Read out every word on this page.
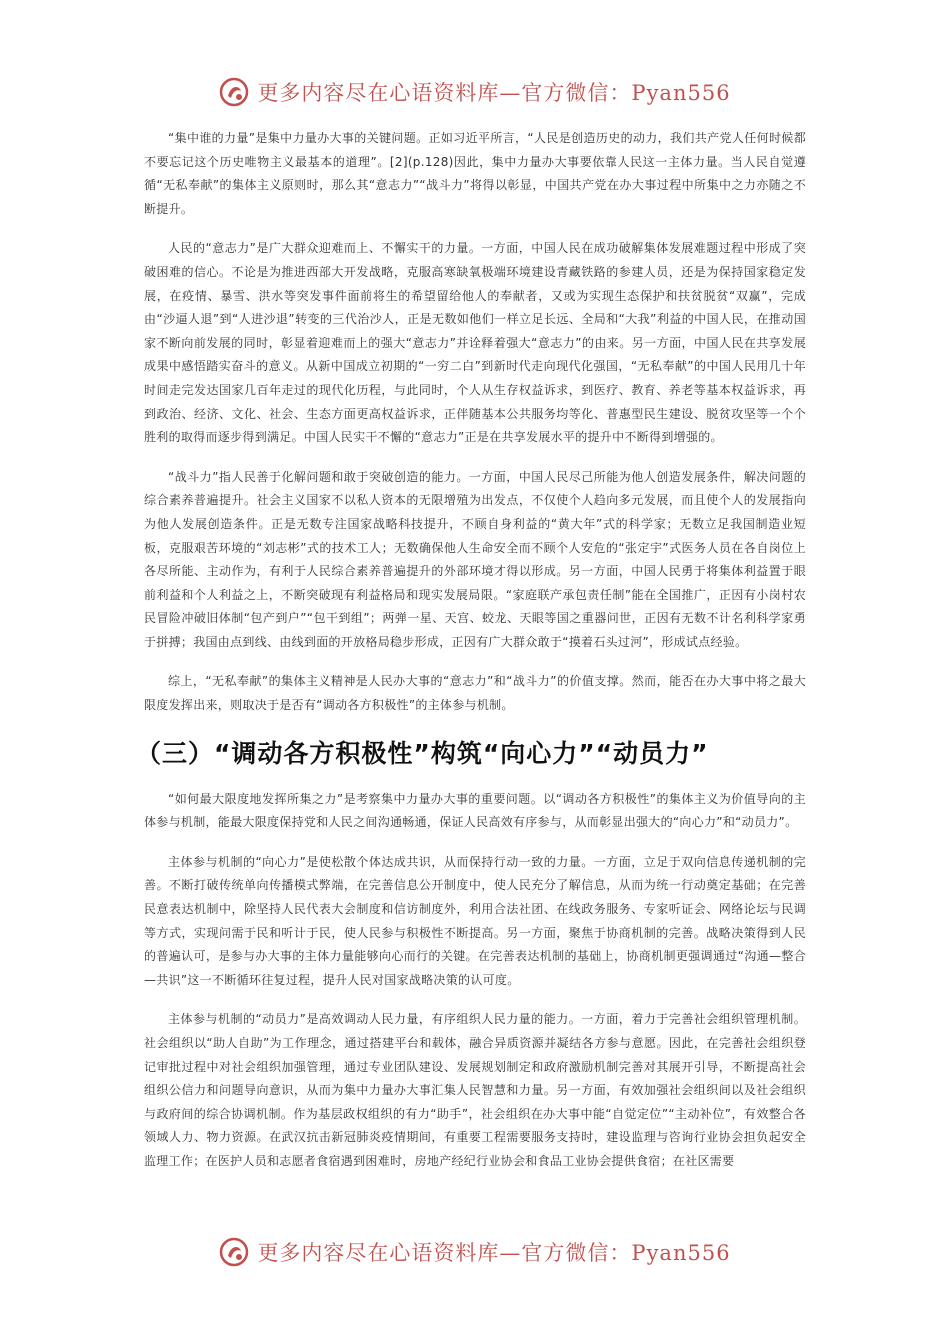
更多内容尽在心语资料库—官方微信：Pyan556

“集中谁的力量”是集中力量办大事的关键问题。正如习近平所言，“人民是创造历史的动力，我们共产党人任何时候都不要忘记这个历史唯物主义最基本的道理”。[2](p.128)因此，集中力量办大事要依靠人民这一主体力量。当人民自觉遵循“无私奉献”的集体主义原则时，那么其“意志力”“战斗力”将得以彰显，中国共产党在办大事过程中所集中之力亦随之不断提升。

人民的“意志力”是广大群众迎难而上、不懈实干的力量。一方面，中国人民在成功破解集体发展难题过程中形成了突破困难的信心。不论是为推进西部大开发战略，克服高寒缺氧极端环境建设青藏铁路的参建人员，还是为保持国家稳定发展，在疫情、暴雪、洪水等突发事件面前将生的希望留给他人的奉献者，又或为实现生态保护和扶贫脱贫“双赢”，完成由“沙逼人退”到“人进沙退”转变的三代治沙人，正是无数如他们一样立足长远、全局和“大我”利益的中国人民，在推动国家不断向前发展的同时，彰显着迎难而上的强大“意志力”并诠释着强大“意志力”的由来。另一方面，中国人民在共享发展成果中感悟踏实奋斗的意义。从新中国成立初期的“一穷二白”到新时代走向现代化强国，“无私奉献”的中国人民用几十年时间走完发达国家几百年走过的现代化历程，与此同时，个人从生存权益诉求，到医疗、教育、养老等基本权益诉求，再到政治、经济、文化、社会、生态方面更高权益诉求，正伴随基本公共服务均等化、普惠型民生建设、脱贫攻坚等一个个胜利的取得而逐步得到满足。中国人民实干不懈的“意志力”正是在共享发展水平的提升中不断得到增强的。

“战斗力”指人民善于化解问题和敢于突破创造的能力。一方面，中国人民尽己所能为他人创造发展条件，解决问题的综合素养普遍提升。社会主义国家不以私人资本的无限增殖为出发点，不仅使个人趋向多元发展，而且使个人的发展指向为他人发展创造条件。正是无数专注国家战略科技提升，不顾自身利益的“黄大年”式的科学家；无数立足我国制造业短板，克服艰苦环境的“刘志彬”式的技术工人；无数确保他人生命安全而不顾个人安危的“张定宇”式医务人员在各自岗位上各尽所能、主动作为，有利于人民综合素养普遍提升的外部环境才得以形成。另一方面，中国人民勇于将集体利益置于眼前利益和个人利益之上，不断突破现有利益格局和现实发展局限。“家庭联产承包责任制”能在全国推广，正因有小岗村农民冒险冲破旧体制“包产到户”“包干到组”；两弹一星、天宫、蛟龙、天眼等国之重器问世，正因有无数不计名利科学家勇于拼搏；我国由点到线、由线到面的开放格局稳步形成，正因有广大群众敢于“摸着石头过河”，形成试点经验。

综上，“无私奉献”的集体主义精神是人民办大事的“意志力”和“战斗力”的价值支撑。然而，能否在办大事中将之最大限度发挥出来，则取决于是否有“调动各方积极性”的主体参与机制。

（三）“调动各方积极性”构筑“向心力”“动员力”

“如何最大限度地发挥所集之力”是考察集中力量办大事的重要问题。以“调动各方积极性”的集体主义为价值导向的主体参与机制，能最大限度保持党和人民之间沟通畅通，保证人民高效有序参与，从而彰显出强大的“向心力”和“动员力”。

主体参与机制的“向心力”是使松散个体达成共识，从而保持行动一致的力量。一方面，立足于双向信息传递机制的完善。不断打破传统单向传播模式弊端，在完善信息公开制度中，使人民充分了解信息，从而为统一行动奠定基础；在完善民意表达机制中，除坚持人民代表大会制度和信访制度外，利用合法社团、在线政务服务、专家听证会、网络论坛与民调等方式，实现问需于民和听计于民，使人民参与积极性不断提高。另一方面，聚焦于协商机制的完善。战略决策得到人民的普遍认可，是参与办大事的主体力量能够向心而行的关键。在完善表达机制的基础上，协商机制更强调通过“沟通—整合—共识”这一不断循环往复过程，提升人民对国家战略决策的认可度。

主体参与机制的“动员力”是高效调动人民力量，有序组织人民力量的能力。一方面，着力于完善社会组织管理机制。社会组织以“助人自助”为工作理念，通过搭建平台和载体，融合异质资源并凝结各方参与意愿。因此，在完善社会组织登记审批过程中对社会组织加强管理，通过专业团队建设、发展规划制定和政府激励机制完善对其展开引导，不断提高社会组织公信力和问题导向意识，从而为集中力量办大事汇集人民智慧和力量。另一方面，有效加强社会组织间以及社会组织与政府间的综合协调机制。作为基层政权组织的有力“助手”，社会组织在办大事中能“自觉定位”“主动补位”，有效整合各领域人力、物力资源。在武汉抗击新冠肺炎疫情期间，有重要工程需要服务支持时，建设监理与咨询行业协会担负起安全监理工作；在医护人员和志愿者食宿遇到困难时，房地产经纪行业协会和食品工业协会提供食宿；在社区需要

更多内容尽在心语资料库—官方微信：Pyan556
